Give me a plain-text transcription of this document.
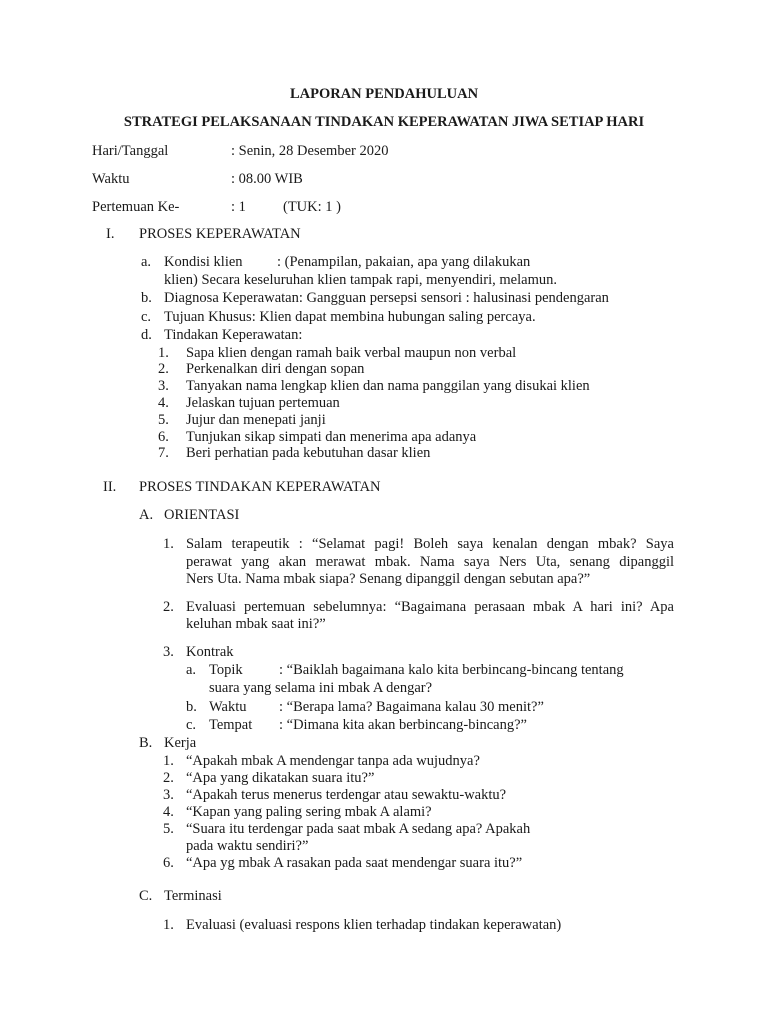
LAPORAN PENDAHULUAN
STRATEGI PELAKSANAAN TINDAKAN KEPERAWATAN JIWA SETIAP HARI
Hari/Tanggal	: Senin, 28 Desember 2020
Waktu	: 08.00 WIB
Pertemuan Ke-	: 1	(TUK: 1 )
I. PROSES KEPERAWATAN
a. Kondisi klien : (Penampilan, pakaian, apa yang dilakukan
klien) Secara keseluruhan klien tampak rapi, menyendiri, melamun.
b. Diagnosa Keperawatan: Gangguan persepsi sensori : halusinasi pendengaran
c. Tujuan Khusus: Klien dapat membina hubungan saling percaya.
d. Tindakan Keperawatan:
1. Sapa klien dengan ramah baik verbal maupun non verbal
2. Perkenalkan diri dengan sopan
3. Tanyakan nama lengkap klien dan nama panggilan yang disukai klien
4. Jelaskan tujuan pertemuan
5. Jujur dan menepati janji
6. Tunjukan sikap simpati dan menerima apa adanya
7. Beri perhatian pada kebutuhan dasar klien
II. PROSES TINDAKAN KEPERAWATAN
A. ORIENTASI
1. Salam terapeutik : “Selamat pagi! Boleh saya kenalan dengan mbak? Saya
perawat yang akan merawat mbak. Nama saya Ners Uta, senang dipanggil
Ners Uta. Nama mbak siapa? Senang dipanggil dengan sebutan apa?”
2. Evaluasi pertemuan sebelumnya: “Bagaimana perasaan mbak A hari ini? Apa
keluhan mbak saat ini?”
3. Kontrak
a. Topik	: “Baiklah bagaimana kalo kita berbincang-bincang tentang
suara yang selama ini mbak A dengar?
b. Waktu : “Berapa lama? Bagaimana kalau 30 menit?”
c. Tempat : “Dimana kita akan berbincang-bincang?”
B. Kerja
1. “Apakah mbak A mendengar tanpa ada wujudnya?
2. “Apa yang dikatakan suara itu?”
3. “Apakah terus menerus terdengar atau sewaktu-waktu?
4. “Kapan yang paling sering mbak A alami?
5. “Suara itu terdengar pada saat mbak A sedang apa? Apakah
pada waktu sendiri?”
6. “Apa yg mbak A rasakan pada saat mendengar suara itu?”
C. Terminasi
1. Evaluasi (evaluasi respons klien terhadap tindakan keperawatan)
